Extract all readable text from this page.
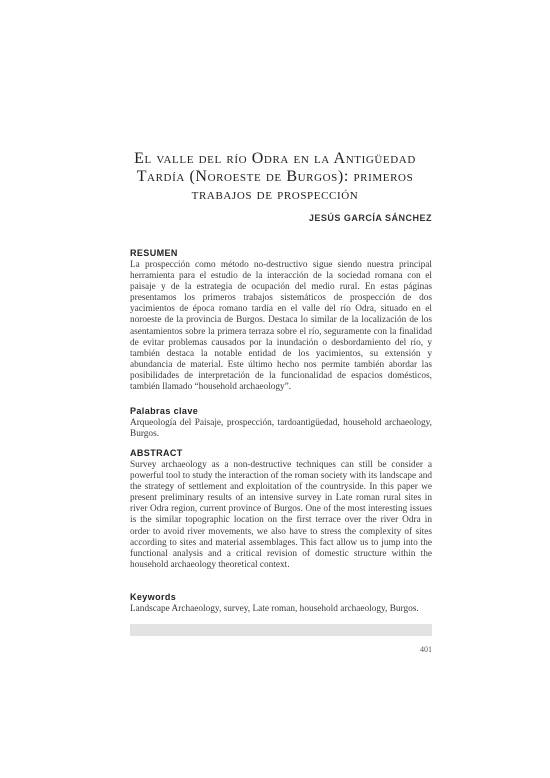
El valle del río Odra en la Antigüedad
Tardía (Noroeste de Burgos): primeros
trabajos de prospección
JESÚS GARCÍA SÁNCHEZ
RESUMEN

La prospección como método no-destructivo sigue siendo nuestra principal herramienta para el estudio de la interacción de la sociedad romana con el paisaje y de la estrategia de ocupación del medio rural. En estas páginas presentamos los primeros trabajos sistemáticos de prospección de dos yacimientos de época romano tardía en el valle del río Odra, situado en el noroeste de la provincia de Burgos. Destaca lo similar de la localización de los asentamientos sobre la primera terraza sobre el río, seguramente con la finalidad de evitar problemas causados por la inundación o desbordamiento del río, y también destaca la notable entidad de los yacimientos, su extensión y abundancia de material. Este último hecho nos permite también abordar las posibilidades de interpretación de la funcionalidad de espacios domésticos, también llamado “household archaeology”.

Palabras clave

Arqueología del Paisaje, prospección, tardoantigüedad, household archaeology, Burgos.

ABSTRACT

Survey archaeology as a non-destructive techniques can still be consider a powerful tool to study the interaction of the roman society with its landscape and the strategy of settlement and exploitation of the countryside. In this paper we present preliminary results of an intensive survey in Late roman rural sites in river Odra region, current province of Burgos. One of the most interesting issues is the similar topographic location on the first terrace over the river Odra in order to avoid river movements, we also have to stress the complexity of sites according to sites and material assemblages. This fact allow us to jump into the functional analysis and a critical revision of domestic structure within the household archaeology theoretical context.

Keywords

Landscape Archaeology, survey, Late roman, household archaeology, Burgos.

401
